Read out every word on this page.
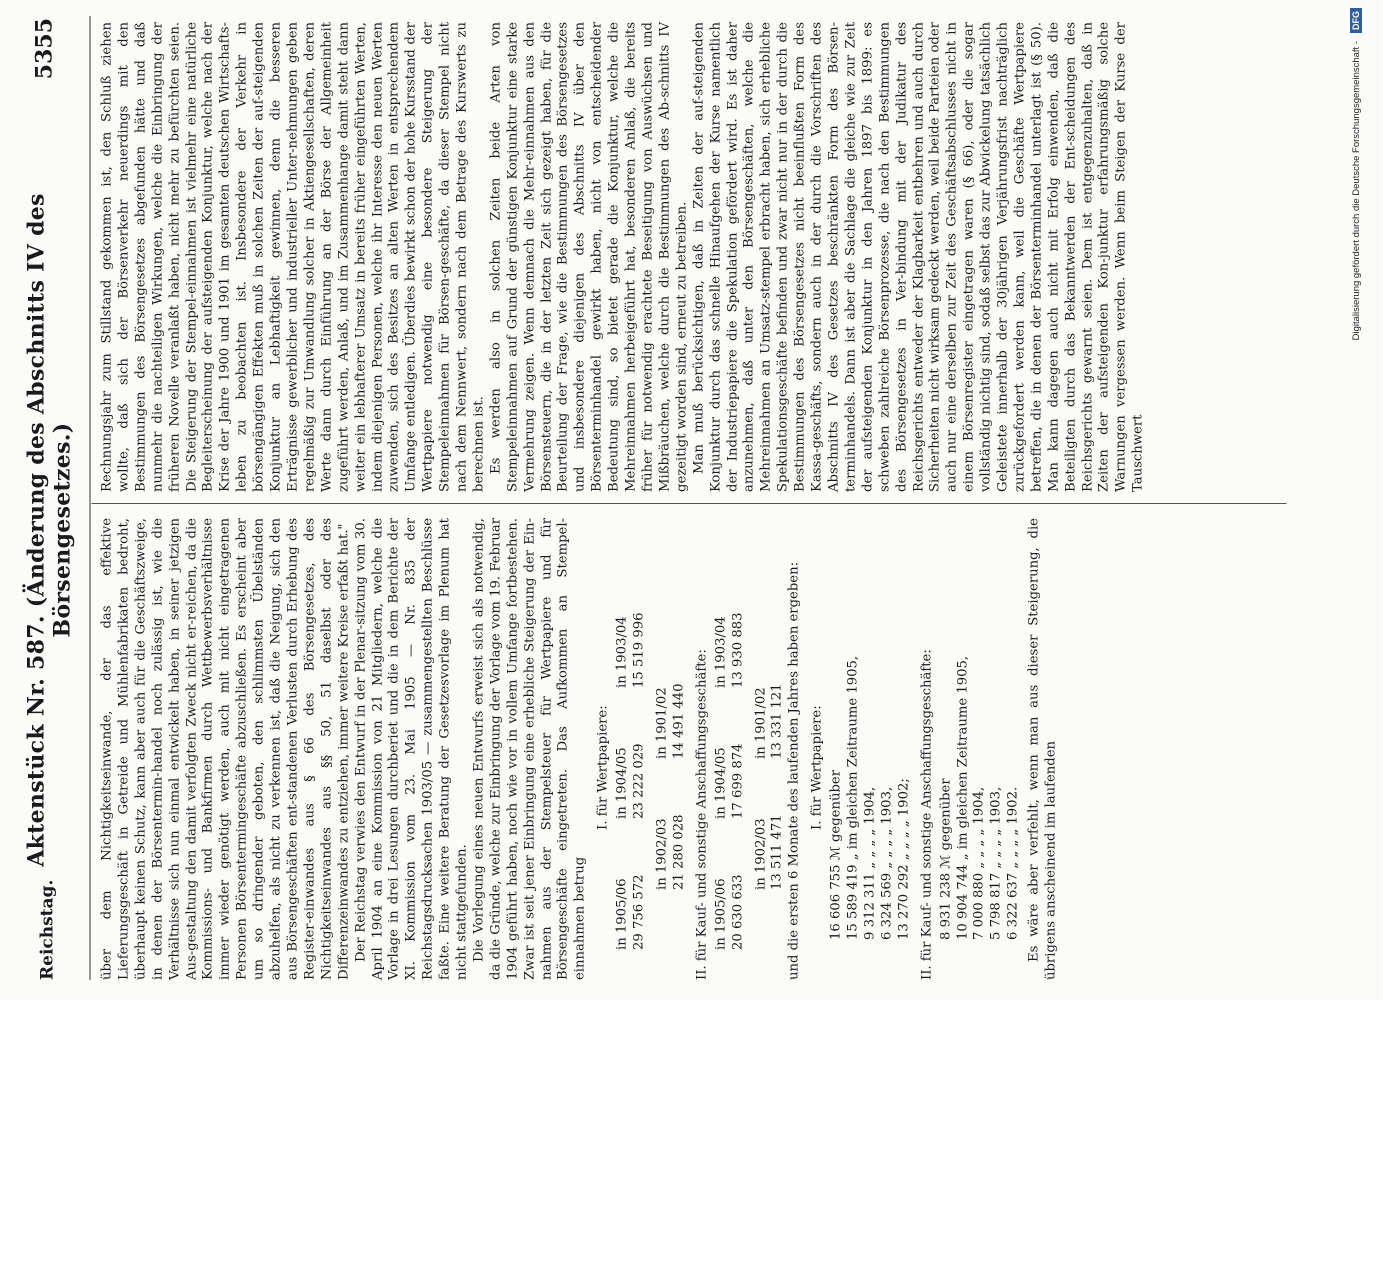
Reichstag.
Aktenstück Nr. 587. (Änderung des Abschnitts IV des Börsengesetzes.)
5355

über dem Nichtigkeitseinwande, der das effektive Lieferungsgeschäft in Getreide und Mühlenfabrikaten bedroht, überhaupt keinen Schutz, kann aber auch für die Geschäftszweige, in denen der Börsentermin-handel noch zulässig ist, wie die Verhältnisse sich nun einmal entwickelt haben, in seiner jetzigen Aus-gestaltung den damit verfolgten Zweck nicht er-reichen, da die Kommissions- und Bankfirmen durch Wettbewerbsverhältnisse immer wieder genötigt werden, auch mit nicht eingetragenen Personen Börsentermingeschäfte abzuschließen. Es erscheint aber um so dringender geboten, den schlimmsten Übelständen abzuhelfen, als nicht zu verkennen ist, daß die Neigung, sich den aus Börsengeschäften ent-standenen Verlusten durch Erhebung des Register-einwandes aus § 66 des Börsengesetzes, des Nichtigkeitseinwandes aus §§ 50, 51 daselbst oder des Differenzeinwandes zu entziehen, immer weitere Kreise erfaßt hat." Der Reichstag verwies den Entwurf in der Plenar-sitzung vom 30. April 1904 an eine Kommission von 21 Mitgliedern, welche die Vorlage in drei Lesungen durchberiet und die in dem Berichte der XI. Kommission vom 23. Mai 1905 — Nr. 835 der Reichstagsdrucksachen 1903/05 — zusammengestellten Beschlüsse faßte. Eine weitere Beratung der Gesetzesvorlage im Plenum hat nicht stattgefunden. Die Vorlegung eines neuen Entwurfs erweist sich als notwendig, da die Gründe, welche zur Einbringung der Vorlage vom 19. Februar 1904 geführt haben, noch wie vor in vollem Umfange fortbestehen. Zwar ist seit jener Einbringung eine erhebliche Steigerung der Ein-nahmen aus der Stempelsteuer für Wertpapiere und für Börsengeschäfte eingetreten. Das Aufkommen an Stempel-einnahmen betrug

I. für Wertpapiere:
in 1905/06
in 1904/05
in 1903/04
29 756 572
23 222 029
15 519 996
in 1902/03
in 1901/02
21 280 028
14 491 440 II. für Kauf- und sonstige Anschaffungsgeschäfte: in 1905/06
in 1904/05
in 1903/04
20 630 633
17 699 874
13 930 883
in 1902/03
in 1901/02
13 511 471
13 331 121 und die ersten 6 Monate des laufenden Jahres haben ergeben: I. für Wertpapiere:
16 606 755 ℳ gegenüber 15 589 419 „ im gleichen Zeitraume 1905, 9 312 311 „ „ „ „ 1904, 6 324 569 „ „ „ „ 1903, 13 270 292 „ „ „ „ 1902; II. für Kauf- und sonstige Anschaffungsgeschäfte: 8 931 238 ℳ gegenüber 10 904 744 „ im gleichen Zeitraume 1905, 7 000 880 „ „ „ „ 1904, 5 798 817 „ „ „ „ 1903, 6 322 637 „ „ „ „ 1902. Es wäre aber verfehlt, wenn man aus dieser Steigerung, die übrigens anscheinend im laufenden

Rechnungsjahr zum Stillstand gekommen ist, den Schluß ziehen wollte, daß sich der Börsenverkehr neuerdings mit den Bestimmungen des Börsengesetzes abgefunden hätte und daß nunmehr die nachteiligen Wirkungen, welche die Einbringung der früheren Novelle veranlaßt haben, nicht mehr zu befürchten seien. Die Steigerung der Stempel-einnahmen ist vielmehr eine natürliche Begleiterscheinung der aufsteigenden Konjunktur, welche nach der Krise der Jahre 1900 und 1901 im gesamten deutschen Wirtschafts-leben zu beobachten ist. Insbesondere der Verkehr in börsengängigen Effekten muß in solchen Zeiten der auf-steigenden Konjunktur an Lebhaftigkeit gewinnen, denn die besseren Erträgnisse gewerblicher und industrieller Unter-nehmungen geben regelmäßig zur Umwandlung solcher in Aktiengesellschaften, deren Werte dann durch Einführung an der Börse der Allgemeinheit zugeführt werden, Anlaß, und im Zusammenhange damit steht dann weiter ein lebhafterer Umsatz in bereits früher eingeführten Werten, indem diejenigen Personen, welche ihr Interesse den neuen Werten zuwenden, sich des Besitzes an alten Werten in entsprechendem Umfange entledigen. Überdies bewirkt schon der hohe Kursstand der Wertpapiere notwendig eine besondere Steigerung der Stempeleinnahmen für Börsen-geschäfte, da dieser Stempel nicht nach dem Nennwert, sondern nach dem Betrage des Kurswerts zu berechnen ist. Es werden also in solchen Zeiten beide Arten von Stempeleinnahmen auf Grund der günstigen Konjunktur eine starke Vermehrung zeigen. Wenn demnach die Mehr-einnahmen aus den Börsensteuern, die in der letzten Zeit sich gezeigt haben, für die Beurteilung der Frage, wie die Bestimmungen des Börsengesetzes und insbesondere diejenigen des Abschnitts IV über den Börsenterminhandel gewirkt haben, nicht von entscheidender Bedeutung sind, so bietet gerade die Konjunktur, welche die Mehreinnahmen herbeigeführt hat, besonderen Anlaß, die bereits früher für notwendig erachtete Beseitigung von Auswüchsen und Mißbräuchen, welche durch die Bestimmungen des Ab-schnitts IV gezeitigt worden sind, erneut zu betreiben. Man muß berücksichtigen, daß in Zeiten der auf-steigenden Konjunktur durch das schnelle Hinaufgehen der Kurse namentlich der Industriepapiere die Spekulation gefördert wird. Es ist daher anzunehmen, daß unter den Börsengeschäften, welche die Mehreinnahmen an Umsatz-stempel erbracht haben, sich erhebliche Spekulationsgeschäfte befinden und zwar nicht nur in der durch die Bestimmungen des Börsengesetzes nicht beeinflußten Form des Kassa-geschäfts, sondern auch in der durch die Vorschriften des Abschnitts IV des Gesetzes beschränkten Form des Börsen-terminhandels. Dann ist aber die Sachlage die gleiche wie zur Zeit der aufsteigenden Konjunktur in den Jahren 1897 bis 1899: es schweben zahlreiche Börsenprozesse, die nach den Bestimmungen des Börsengesetzes in Ver-bindung mit der Judikatur des Reichsgerichts entweder der Klagbarkeit entbehren und auch durch Sicherheiten nicht wirksam gedeckt werden, weil beide Parteien oder auch nur eine derselben zur Zeit des Geschäftsabschlusses nicht in einem Börsenregister eingetragen waren (§ 66), oder die sogar vollständig nichtig sind, sodaß selbst das zur Abwickelung tatsächlich Geleistete innerhalb der 30jährigen Verjährungsfrist nachträglich zurückgefordert werden kann, weil die Geschäfte Wertpapiere betreffen, die in denen der Börsenterminhandel unterlagt ist (§ 50). Man kann dagegen auch nicht mit Erfolg einwenden, daß die Beteiligten durch das Bekanntwerden der Ent-scheidungen des Reichsgerichts gewarnt seien. Dem ist entgegenzuhalten, daß in Zeiten der aufsteigenden Kon-junktur erfahrungsmäßig solche Warnungen vergessen werden. Wenn beim Steigen der Kurse der Tauschwert

Digitalisierung gefördert durch die Deutsche Forschungsgemeinschaft -
DFG
